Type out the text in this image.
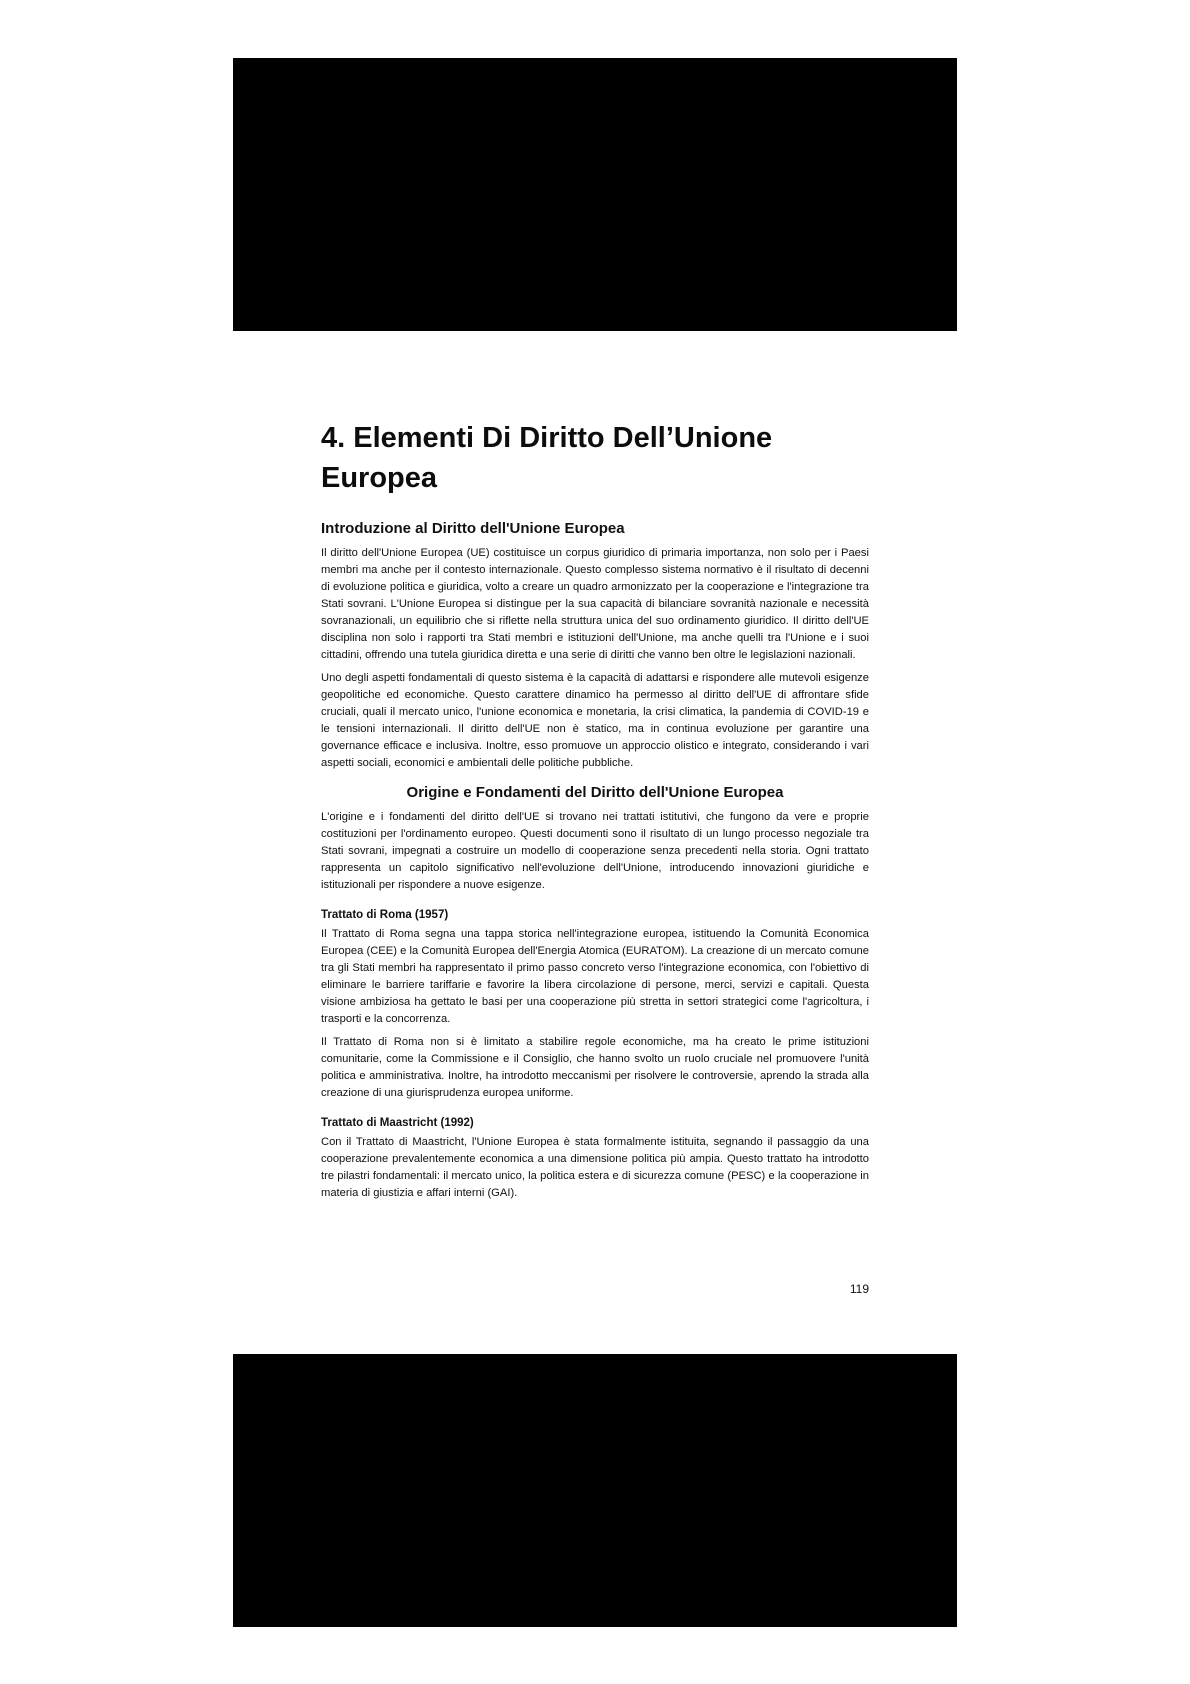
4. Elementi Di Diritto Dell’Unione Europea
Introduzione al Diritto dell'Unione Europea

Il diritto dell'Unione Europea (UE) costituisce un corpus giuridico di primaria importanza, non solo per i Paesi membri ma anche per il contesto internazionale. Questo complesso sistema normativo è il risultato di decenni di evoluzione politica e giuridica, volto a creare un quadro armonizzato per la cooperazione e l'integrazione tra Stati sovrani. L'Unione Europea si distingue per la sua capacità di bilanciare sovranità nazionale e necessità sovranazionali, un equilibrio che si riflette nella struttura unica del suo ordinamento giuridico. Il diritto dell'UE disciplina non solo i rapporti tra Stati membri e istituzioni dell'Unione, ma anche quelli tra l'Unione e i suoi cittadini, offrendo una tutela giuridica diretta e una serie di diritti che vanno ben oltre le legislazioni nazionali.

Uno degli aspetti fondamentali di questo sistema è la capacità di adattarsi e rispondere alle mutevoli esigenze geopolitiche ed economiche. Questo carattere dinamico ha permesso al diritto dell'UE di affrontare sfide cruciali, quali il mercato unico, l'unione economica e monetaria, la crisi climatica, la pandemia di COVID-19 e le tensioni internazionali. Il diritto dell'UE non è statico, ma in continua evoluzione per garantire una governance efficace e inclusiva. Inoltre, esso promuove un approccio olistico e integrato, considerando i vari aspetti sociali, economici e ambientali delle politiche pubbliche.

Origine e Fondamenti del Diritto dell'Unione Europea

L'origine e i fondamenti del diritto dell'UE si trovano nei trattati istitutivi, che fungono da vere e proprie costituzioni per l'ordinamento europeo. Questi documenti sono il risultato di un lungo processo negoziale tra Stati sovrani, impegnati a costruire un modello di cooperazione senza precedenti nella storia. Ogni trattato rappresenta un capitolo significativo nell'evoluzione dell'Unione, introducendo innovazioni giuridiche e istituzionali per rispondere a nuove esigenze.

Trattato di Roma (1957)

Il Trattato di Roma segna una tappa storica nell'integrazione europea, istituendo la Comunità Economica Europea (CEE) e la Comunità Europea dell'Energia Atomica (EURATOM). La creazione di un mercato comune tra gli Stati membri ha rappresentato il primo passo concreto verso l'integrazione economica, con l'obiettivo di eliminare le barriere tariffarie e favorire la libera circolazione di persone, merci, servizi e capitali. Questa visione ambiziosa ha gettato le basi per una cooperazione più stretta in settori strategici come l'agricoltura, i trasporti e la concorrenza.

Il Trattato di Roma non si è limitato a stabilire regole economiche, ma ha creato le prime istituzioni comunitarie, come la Commissione e il Consiglio, che hanno svolto un ruolo cruciale nel promuovere l'unità politica e amministrativa. Inoltre, ha introdotto meccanismi per risolvere le controversie, aprendo la strada alla creazione di una giurisprudenza europea uniforme.

Trattato di Maastricht (1992)

Con il Trattato di Maastricht, l'Unione Europea è stata formalmente istituita, segnando il passaggio da una cooperazione prevalentemente economica a una dimensione politica più ampia. Questo trattato ha introdotto tre pilastri fondamentali: il mercato unico, la politica estera e di sicurezza comune (PESC) e la cooperazione in materia di giustizia e affari interni (GAI).

119
